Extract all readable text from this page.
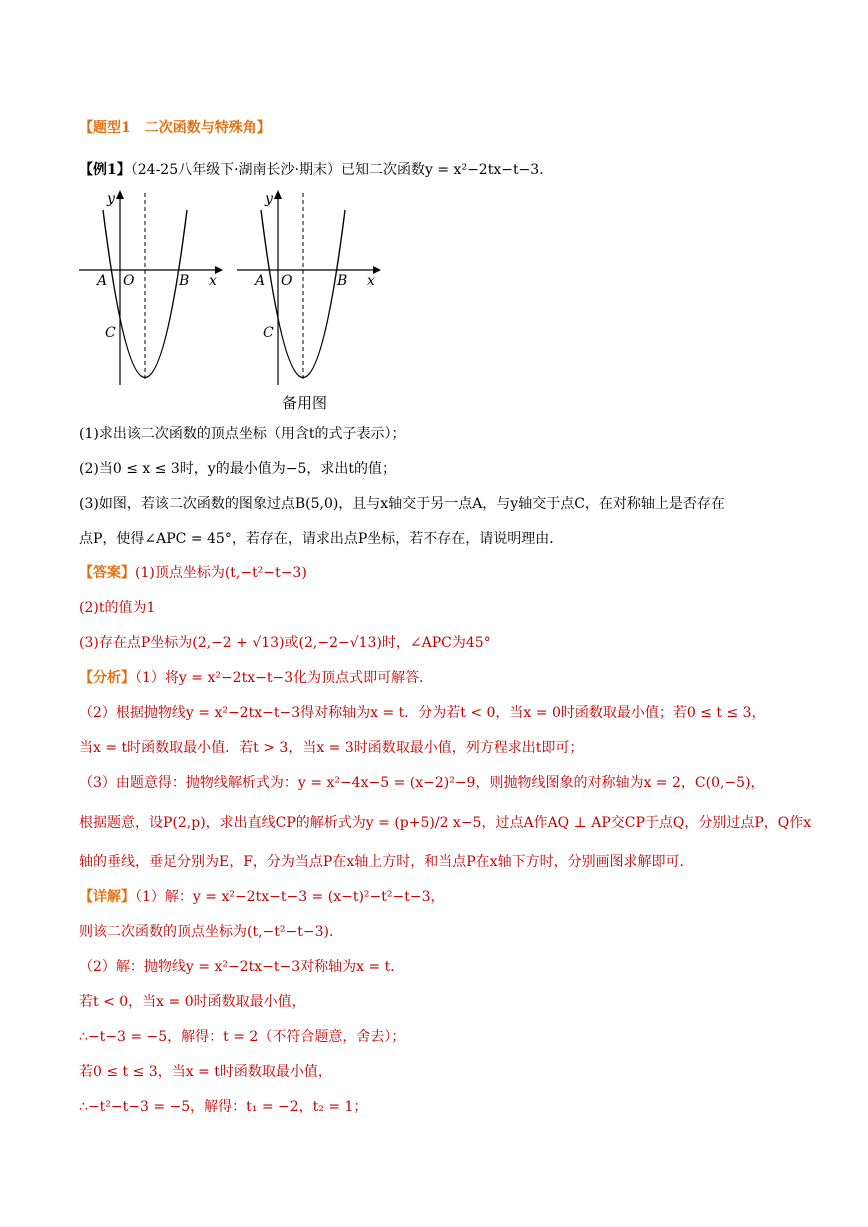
【题型1　二次函数与特殊角】
【例1】（24-25八年级下·湖南长沙·期末）已知二次函数y = x²−2tx−t−3．
y
x
A O	B
C
y
x
A O	B
C
备用图
(1)求出该二次函数的顶点坐标（用含t的式子表示）；
(2)当0 ≤ x ≤ 3时，y的最小值为−5，求出t的值；
(3)如图，若该二次函数的图象过点B(5,0)，且与x轴交于另一点A，与y轴交于点C，在对称轴上是否存在
点P，使得∠APC = 45°，若存在，请求出点P坐标，若不存在，请说明理由．
【答案】(1)顶点坐标为(t,−t²−t−3)
(2)t的值为1
(3)存在点P坐标为(2,−2 + √13)或(2,−2−√13)时，∠APC为45°
【分析】（1）将y = x²−2tx−t−3化为顶点式即可解答．
（2）根据抛物线y = x²−2tx−t−3得对称轴为x = t．分为若t < 0，当x = 0时函数取最小值；若0 ≤ t ≤ 3，
当x = t时函数取最小值．若t > 3，当x = 3时函数取最小值，列方程求出t即可；
（3）由题意得：抛物线解析式为：y = x²−4x−5 = (x−2)²−9，则抛物线图象的对称轴为x = 2，C(0,−5)，
根据题意，设P(2,p)，求出直线CP的解析式为y = (p+5)/2 x−5，过点A作AQ ⊥ AP交CP于点Q，分别过点P，Q作x
轴的垂线，垂足分别为E，F，分为当点P在x轴上方时，和当点P在x轴下方时，分别画图求解即可．
【详解】（1）解：y = x²−2tx−t−3 = (x−t)²−t²−t−3，
则该二次函数的顶点坐标为(t,−t²−t−3)．
（2）解：抛物线y = x²−2tx−t−3对称轴为x = t．
若t < 0，当x = 0时函数取最小值，
∴−t−3 = −5，解得：t = 2（不符合题意，舍去）；
若0 ≤ t ≤ 3，当x = t时函数取最小值，
∴−t²−t−3 = −5，解得：t₁ = −2，t₂ = 1；
